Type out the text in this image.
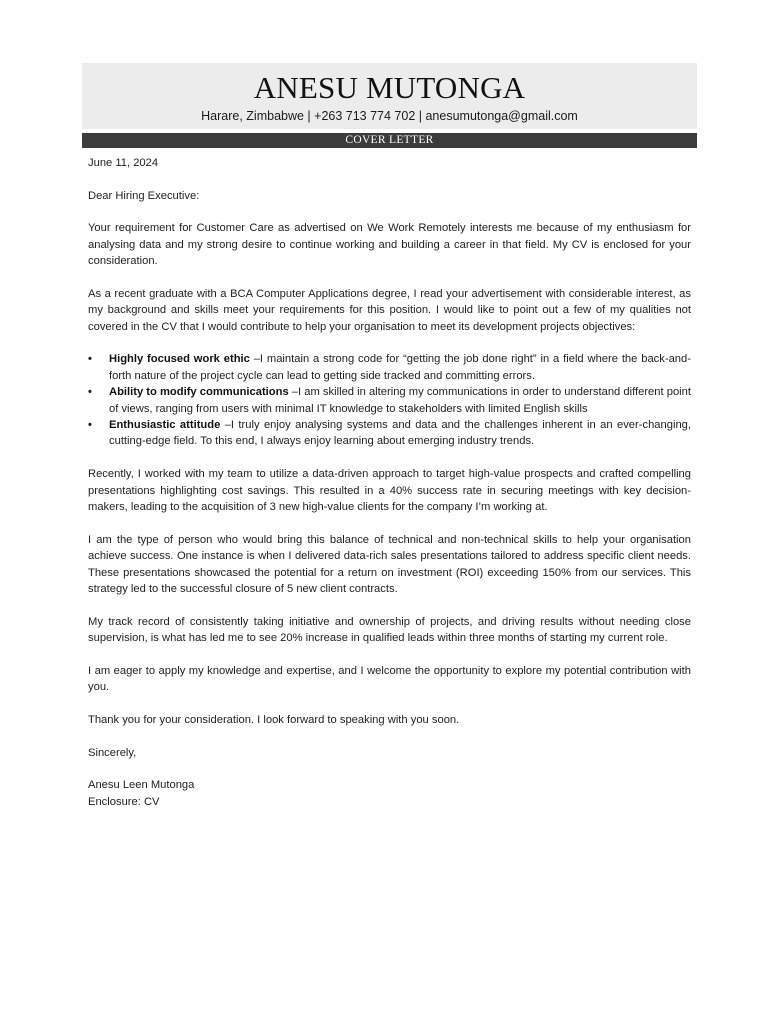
ANESU MUTONGA
Harare, Zimbabwe | +263 713 774 702 | anesumutonga@gmail.com
COVER LETTER

June 11, 2024

Dear Hiring Executive:

Your requirement for Customer Care as advertised on We Work Remotely interests me because of my enthusiasm for analysing data and my strong desire to continue working and building a career in that field. My CV is enclosed for your consideration.

As a recent graduate with a BCA Computer Applications degree, I read your advertisement with considerable interest, as my background and skills meet your requirements for this position. I would like to point out a few of my qualities not covered in the CV that I would contribute to help your organisation to meet its development projects objectives:

• Highly focused work ethic –I maintain a strong code for “getting the job done right” in a field where the back-and-forth nature of the project cycle can lead to getting side tracked and committing errors.
• Ability to modify communications –I am skilled in altering my communications in order to understand different point of views, ranging from users with minimal IT knowledge to stakeholders with limited English skills
• Enthusiastic attitude –I truly enjoy analysing systems and data and the challenges inherent in an ever-changing, cutting-edge field. To this end, I always enjoy learning about emerging industry trends.

Recently, I worked with my team to utilize a data-driven approach to target high-value prospects and crafted compelling presentations highlighting cost savings. This resulted in a 40% success rate in securing meetings with key decision-makers, leading to the acquisition of 3 new high-value clients for the company I’m working at.

I am the type of person who would bring this balance of technical and non-technical skills to help your organisation achieve success. One instance is when I delivered data-rich sales presentations tailored to address specific client needs. These presentations showcased the potential for a return on investment (ROI) exceeding 150% from our services. This strategy led to the successful closure of 5 new client contracts.

My track record of consistently taking initiative and ownership of projects, and driving results without needing close supervision, is what has led me to see 20% increase in qualified leads within three months of starting my current role.

I am eager to apply my knowledge and expertise, and I welcome the opportunity to explore my potential contribution with you.

Thank you for your consideration. I look forward to speaking with you soon.

Sincerely,

Anesu Leen Mutonga

Enclosure: CV
